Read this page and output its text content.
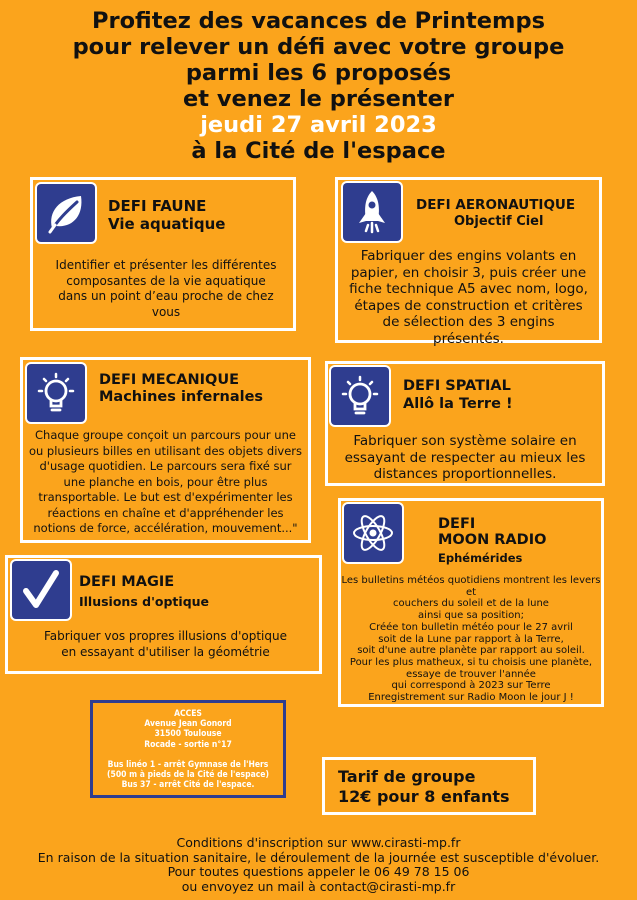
Profitez des vacances de Printemps
pour relever un défi avec votre groupe
parmi les 6 proposés
et venez le présenter
jeudi 27 avril 2023
à la Cité de l'espace
DEFI FAUNE
Vie aquatique
Identifier et présenter les différentes composantes de la vie aquatique dans un point d’eau proche de chez vous
DEFI AERONAUTIQUE
Objectif Ciel
Fabriquer des engins volants en papier, en choisir 3, puis créer une fiche technique A5 avec nom, logo, étapes de construction et critères de sélection des 3 engins présentés.
DEFI MECANIQUE
Machines infernales
Chaque groupe conçoit un parcours pour une ou plusieurs billes en utilisant des objets divers d'usage quotidien. Le parcours sera fixé sur une planche en bois, pour être plus transportable. Le but est d'expérimenter les réactions en chaîne et d'appréhender les notions de force, accélération, mouvement..."
DEFI SPATIAL
Allô la Terre !
Fabriquer son système solaire en essayant de respecter au mieux les distances proportionnelles.
DEFI
MOON RADIO
Ephémérides
Les bulletins météos quotidiens montrent les levers et
couchers du soleil et de la lune
ainsi que sa position;
Créée ton bulletin météo pour le 27 avril
soit de la Lune par rapport à la Terre,
soit d'une autre planète par rapport au soleil.
Pour les plus matheux, si tu choisis une planète,
essaye de trouver l'année
qui correspond à 2023 sur Terre
Enregistrement sur Radio Moon le jour J !
DEFI MAGIE
Illusions d'optique
Fabriquer vos propres illusions d'optique en essayant d'utiliser la géométrie
ACCES
Avenue Jean Gonord
31500 Toulouse
Rocade - sortie n°17
Bus linéo 1 - arrêt Gymnase de l'Hers
(500 m à pieds de la Cité de l'espace)
Bus 37 - arrêt Cité de l'espace.	Tarif de groupe
12€ pour 8 enfants
Conditions d'inscription sur www.cirasti-mp.fr
En raison de la situation sanitaire, le déroulement de la journée est susceptible d'évoluer.
Pour toutes questions appeler le 06 49 78 15 06
ou envoyez un mail à contact@cirasti-mp.fr
